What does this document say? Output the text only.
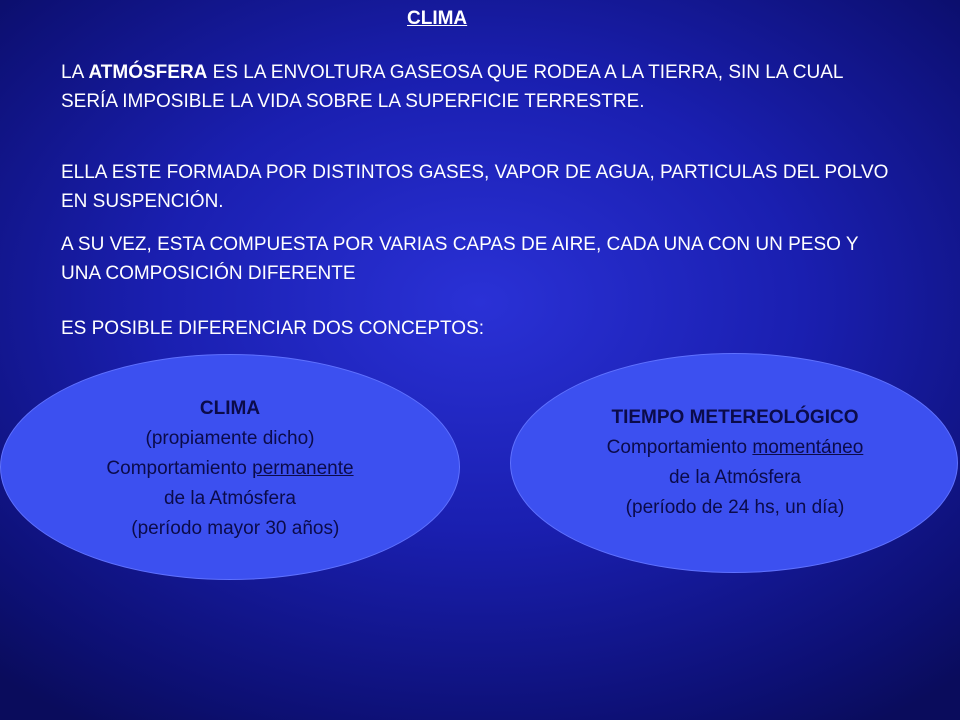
CLIMA

LA ATMÓSFERA ES LA ENVOLTURA GASEOSA QUE RODEA A LA TIERRA, SIN LA CUAL SERÍA IMPOSIBLE LA VIDA SOBRE LA SUPERFICIE TERRESTRE.

ELLA ESTE FORMADA POR DISTINTOS GASES, VAPOR DE AGUA, PARTICULAS DEL POLVO EN SUSPENCIÓN.

A SU VEZ, ESTA COMPUESTA POR VARIAS CAPAS DE AIRE, CADA UNA CON UN PESO Y UNA COMPOSICIÓN DIFERENTE

ES POSIBLE DIFERENCIAR DOS CONCEPTOS:

CLIMA
(propiamente dicho)
Comportamiento permanente
de la Atmósfera
(período mayor 30 años)
TIEMPO METEREOLÓGICO
Comportamiento momentáneo
de la Atmósfera
(período de 24 hs, un día)
